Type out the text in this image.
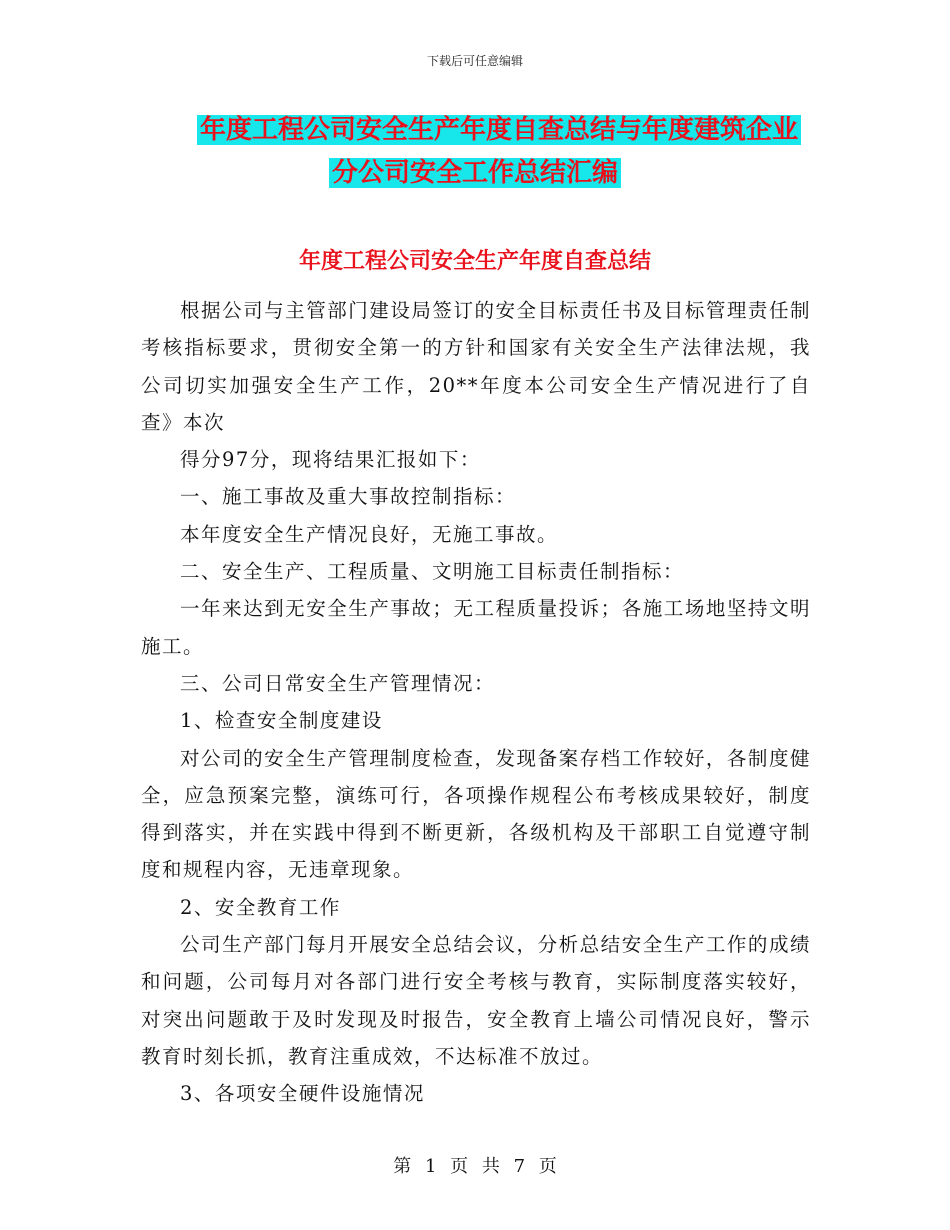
下载后可任意编辑
年度工程公司安全生产年度自查总结与年度建筑企业
分公司安全工作总结汇编
年度工程公司安全生产年度自查总结

根据公司与主管部门建设局签订的安全目标责任书及目标管理责任制考核指标要求，贯彻安全第一的方针和国家有关安全生产法律法规，我公司切实加强安全生产工作，20**年度本公司安全生产情况进行了自查》本次

得分97分，现将结果汇报如下：

一、施工事故及重大事故控制指标：

本年度安全生产情况良好，无施工事故。

二、安全生产、工程质量、文明施工目标责任制指标：

一年来达到无安全生产事故；无工程质量投诉；各施工场地坚持文明施工。

三、公司日常安全生产管理情况：

1、检查安全制度建设

对公司的安全生产管理制度检查，发现备案存档工作较好，各制度健全，应急预案完整，演练可行，各项操作规程公布考核成果较好，制度得到落实，并在实践中得到不断更新，各级机构及干部职工自觉遵守制度和规程内容，无违章现象。

2、安全教育工作

公司生产部门每月开展安全总结会议，分析总结安全生产工作的成绩和问题，公司每月对各部门进行安全考核与教育，实际制度落实较好，对突出问题敢于及时发现及时报告，安全教育上墙公司情况良好，警示教育时刻长抓，教育注重成效，不达标准不放过。

3、各项安全硬件设施情况

第 1 页 共 7 页
